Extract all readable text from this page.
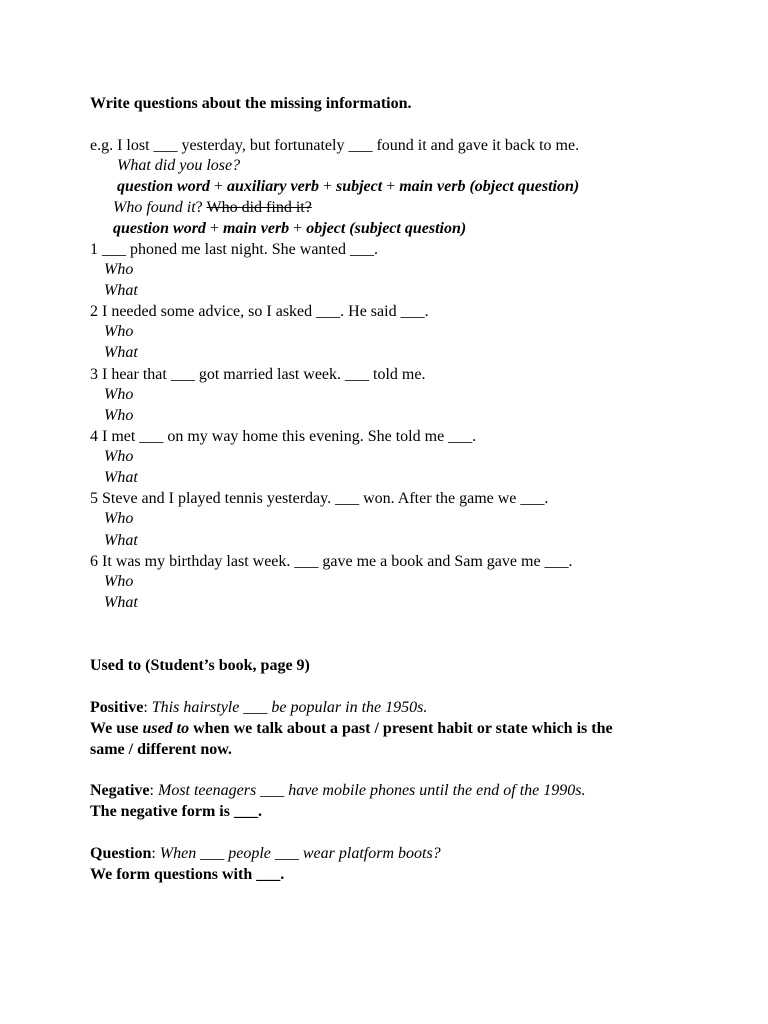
Write questions about the missing information.
e.g. I lost ___ yesterday, but fortunately ___ found it and gave it back to me.
What did you lose?
question word + auxiliary verb + subject + main verb (object question)
Who found it? Who did find it?
question word + main verb + object (subject question)
1 ___ phoned me last night. She wanted ___.
Who
What
2 I needed some advice, so I asked ___. He said ___.
Who
What
3 I hear that ___ got married last week. ___ told me.
Who
Who
4 I met ___ on my way home this evening. She told me ___.
Who
What
5 Steve and I played tennis yesterday. ___ won. After the game we ___.
Who
What
6 It was my birthday last week. ___ gave me a book and Sam gave me ___.
Who
What
Used to (Student’s book, page 9)
Positive: This hairstyle ___ be popular in the 1950s.
We use used to when we talk about a past / present habit or state which is the
same / different now.
Negative: Most teenagers ___ have mobile phones until the end of the 1990s.
The negative form is ___.
Question: When ___ people ___ wear platform boots?
We form questions with ___.
